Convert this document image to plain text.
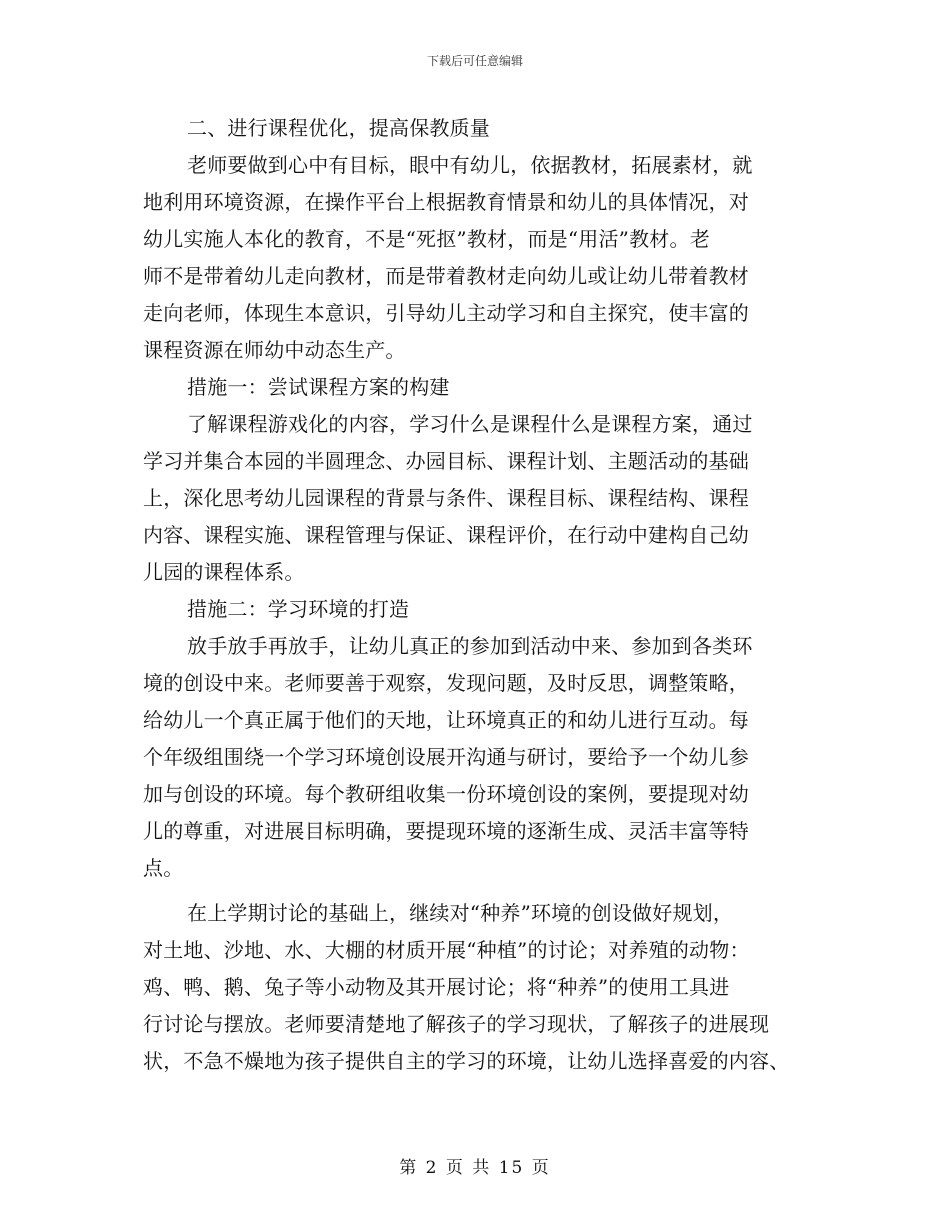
下载后可任意编辑
二、进行课程优化，提高保教质量
老师要做到心中有目标，眼中有幼儿，依据教材，拓展素材，就
地利用环境资源，在操作平台上根据教育情景和幼儿的具体情况，对
幼儿实施人本化的教育，不是“死抠”教材，而是“用活”教材。老
师不是带着幼儿走向教材，而是带着教材走向幼儿或让幼儿带着教材
走向老师，体现生本意识，引导幼儿主动学习和自主探究，使丰富的
课程资源在师幼中动态生产。
措施一：尝试课程方案的构建
了解课程游戏化的内容，学习什么是课程什么是课程方案，通过
学习并集合本园的半圆理念、办园目标、课程计划、主题活动的基础
上，深化思考幼儿园课程的背景与条件、课程目标、课程结构、课程
内容、课程实施、课程管理与保证、课程评价，在行动中建构自己幼
儿园的课程体系。
措施二：学习环境的打造
放手放手再放手，让幼儿真正的参加到活动中来、参加到各类环
境的创设中来。老师要善于观察，发现问题，及时反思，调整策略，
给幼儿一个真正属于他们的天地，让环境真正的和幼儿进行互动。每
个年级组围绕一个学习环境创设展开沟通与研讨，要给予一个幼儿参
加与创设的环境。每个教研组收集一份环境创设的案例，要提现对幼
儿的尊重，对进展目标明确，要提现环境的逐渐生成、灵活丰富等特
点。
在上学期讨论的基础上，继续对“种养”环境的创设做好规划，
对土地、沙地、水、大棚的材质开展“种植”的讨论；对养殖的动物：
鸡、鸭、鹅、兔子等小动物及其开展讨论；将“种养”的使用工具进
行讨论与摆放。老师要清楚地了解孩子的学习现状，了解孩子的进展现
状，不急不燥地为孩子提供自主的学习的环境，让幼儿选择喜爱的内容、
第 2 页 共 15 页
